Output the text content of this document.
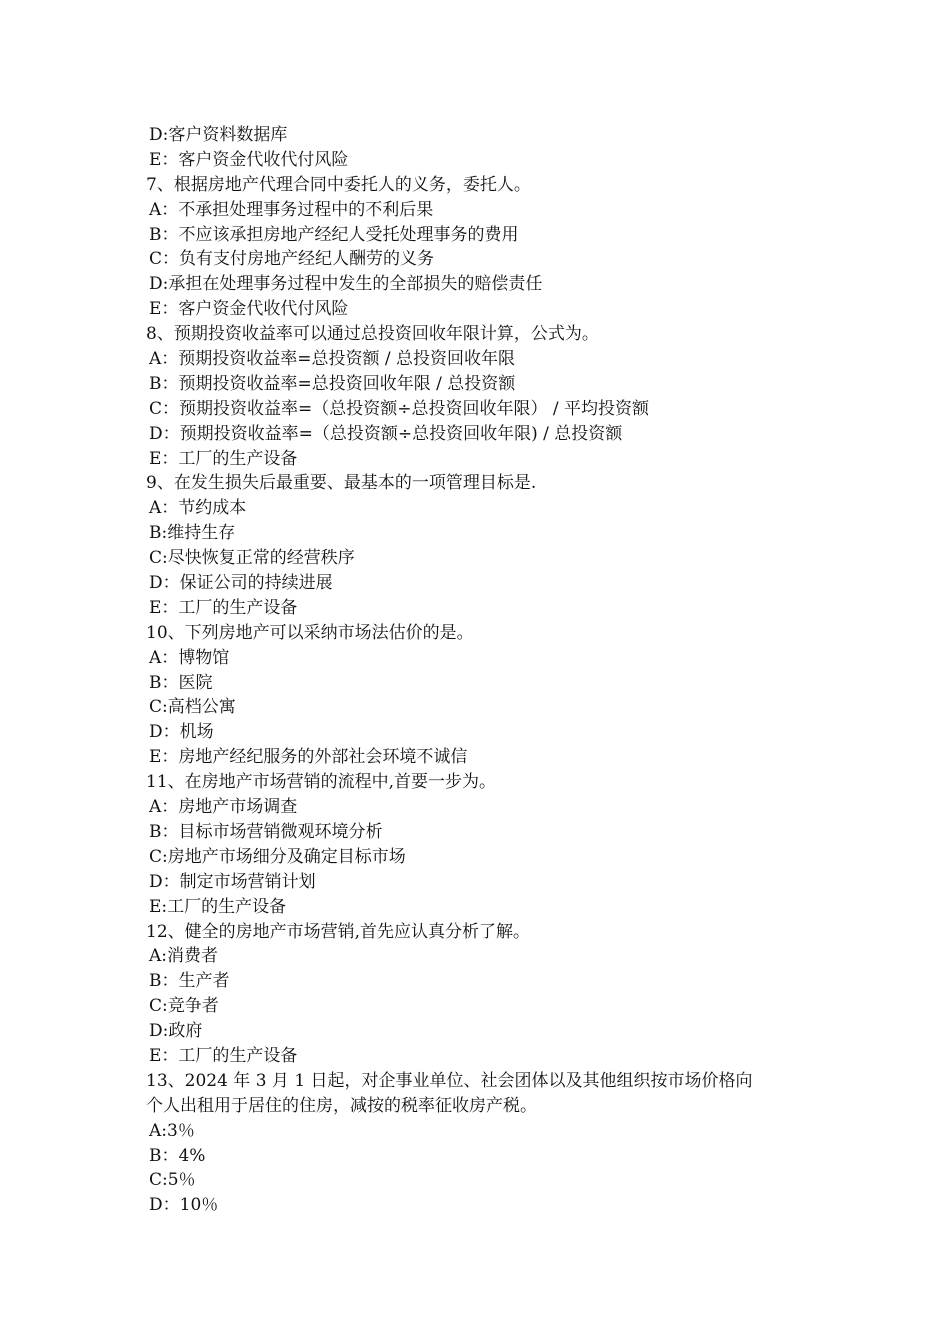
D:客户资料数据库
E：客户资金代收代付风险
7、根据房地产代理合同中委托人的义务，委托人。
A：不承担处理事务过程中的不利后果
B：不应该承担房地产经纪人受托处理事务的费用
C：负有支付房地产经纪人酬劳的义务
D:承担在处理事务过程中发生的全部损失的赔偿责任
E：客户资金代收代付风险
8、预期投资收益率可以通过总投资回收年限计算，公式为。
A：预期投资收益率=总投资额 / 总投资回收年限
B：预期投资收益率=总投资回收年限 / 总投资额
C：预期投资收益率=（总投资额÷总投资回收年限） / 平均投资额
D：预期投资收益率=（总投资额÷总投资回收年限) / 总投资额
E：工厂的生产设备
9、在发生损失后最重要、最基本的一项管理目标是.
A：节约成本
B:维持生存
C:尽快恢复正常的经营秩序
D：保证公司的持续进展
E：工厂的生产设备
10、下列房地产可以采纳市场法估价的是。
A：博物馆
B：医院
C:高档公寓
D：机场
E：房地产经纪服务的外部社会环境不诚信
11、在房地产市场营销的流程中,首要一步为。
A：房地产市场调查
B：目标市场营销微观环境分析
C:房地产市场细分及确定目标市场
D：制定市场营销计划
E:工厂的生产设备
12、健全的房地产市场营销,首先应认真分析了解。
A:消费者
B：生产者
C:竞争者
D:政府
E：工厂的生产设备
13、2024 年 3 月 1 日起，对企事业单位、社会团体以及其他组织按市场价格向
个人出租用于居住的住房，减按的税率征收房产税。
A:3％
B：4%
C:5％
D：10％
